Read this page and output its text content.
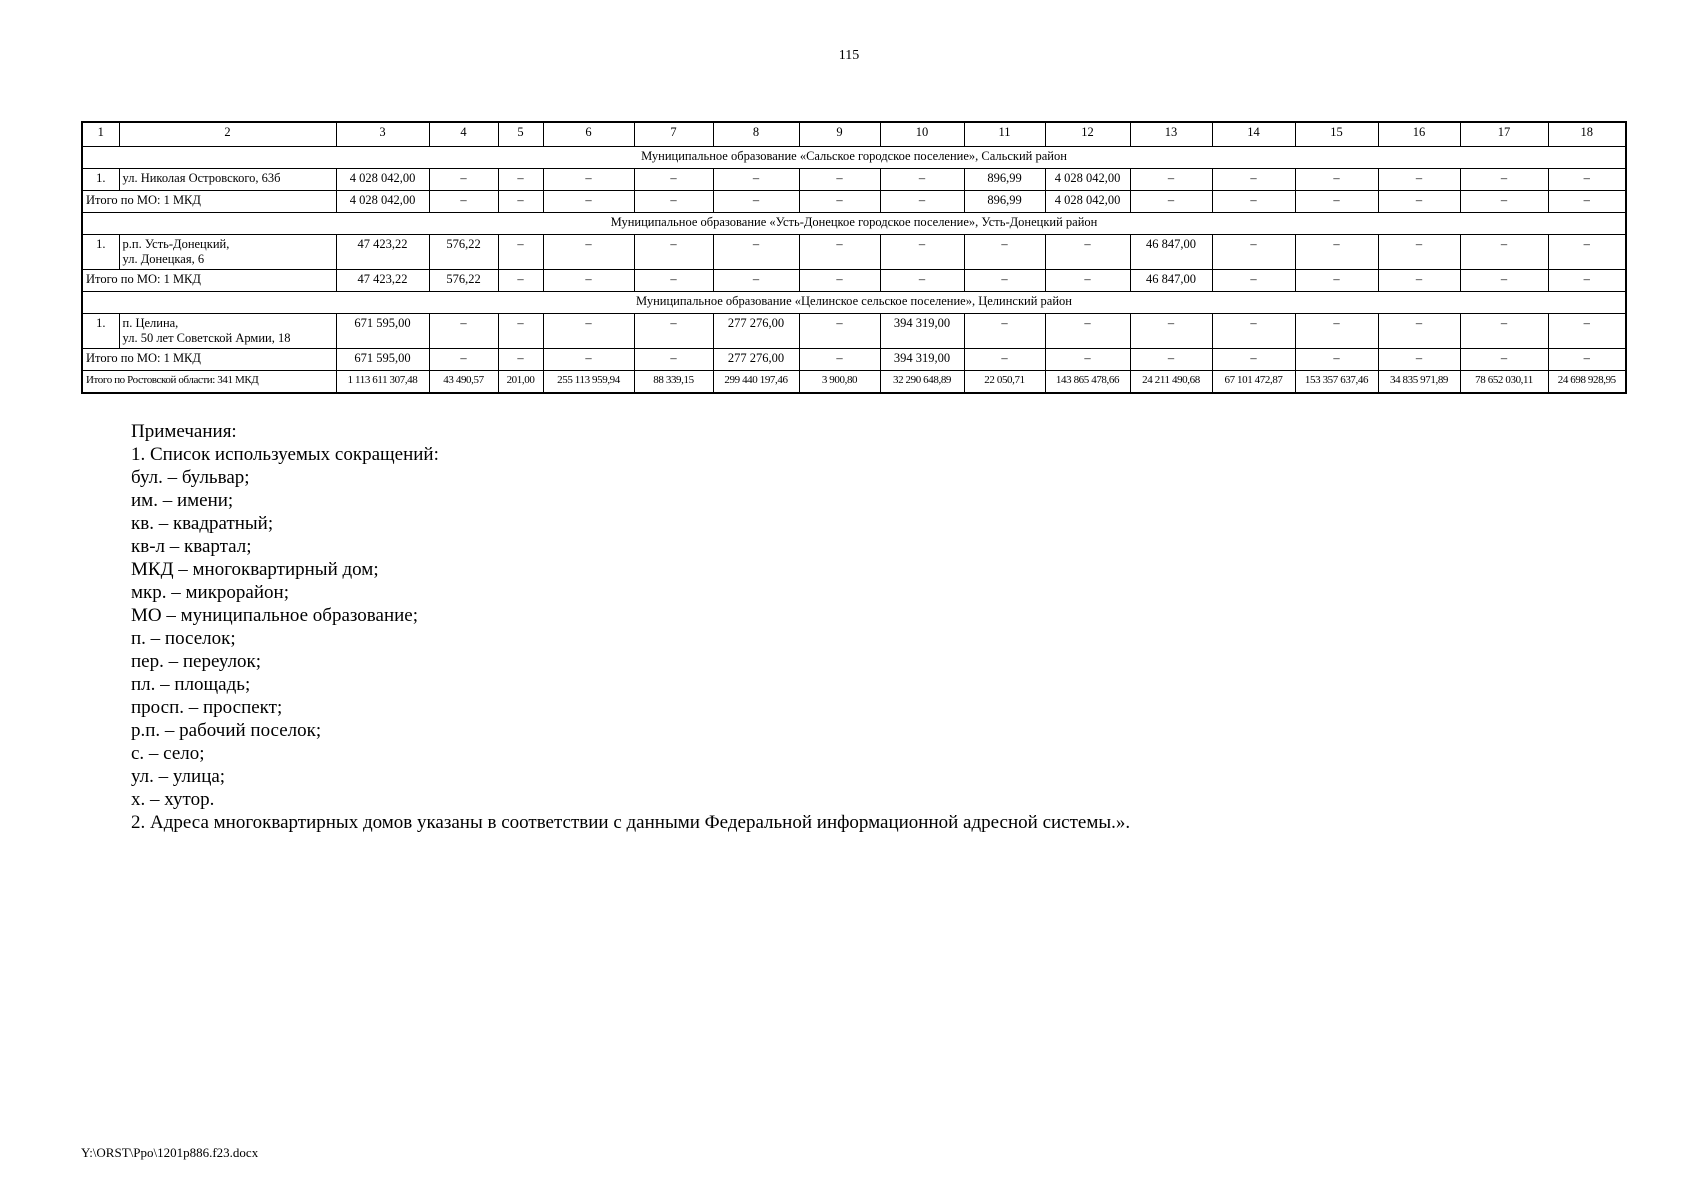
115
1	2	3	4	5	6	7	8	9	10	11	12	13	14	15	16	17	18
Муниципальное образование «Сальское городское поселение», Сальский район																	
1.	ул. Николая Островского, 63б	4 028 042,00	–	–	–	–	–	–	–	896,99	4 028 042,00	–	–	–	–	–	–
Итого по МО: 1 МКД		4 028 042,00	–	–	–	–	–	–	–	896,99	4 028 042,00	–	–	–	–	–	–
Муниципальное образование «Усть-Донецкое городское поселение», Усть-Донецкий район																	
1.	р.п. Усть-Донецкий,
ул. Донецкая, 6	47 423,22	576,22	–	–	–	–	–	–	–	–	46 847,00	–	–	–	–	–
Итого по МО: 1 МКД		47 423,22	576,22	–	–	–	–	–	–	–	–	46 847,00	–	–	–	–	–
Муниципальное образование «Целинское сельское поселение», Целинский район																	
1.	п. Целина,
ул. 50 лет Советской Армии, 18	671 595,00	–	–	–	–	277 276,00	–	394 319,00	–	–	–	–	–	–	–	–
Итого по МО: 1 МКД		671 595,00	–	–	–	–	277 276,00	–	394 319,00	–	–	–	–	–	–	–	–
Итого по Ростовской области: 341 МКД		1 113 611 307,48	43 490,57	201,00	255 113 959,94	88 339,15	299 440 197,46	3 900,80	32 290 648,89	22 050,71	143 865 478,66	24 211 490,68	67 101 472,87	153 357 637,46	34 835 971,89	78 652 030,11	24 698 928,95
Примечания:
1. Список используемых сокращений:
бул. – бульвар;
им. – имени;
кв. – квадратный;
кв-л – квартал;
МКД – многоквартирный дом;
мкр. – микрорайон;
МО – муниципальное образование;
п. – поселок;
пер. – переулок;
пл. – площадь;
просп. – проспект;
р.п. – рабочий поселок;
с. – село;
ул. – улица;
х. – хутор.
2. Адреса многоквартирных домов указаны в соответствии с данными Федеральной информационной адресной системы.».
Y:\ORST\Ppo\1201p886.f23.docx
